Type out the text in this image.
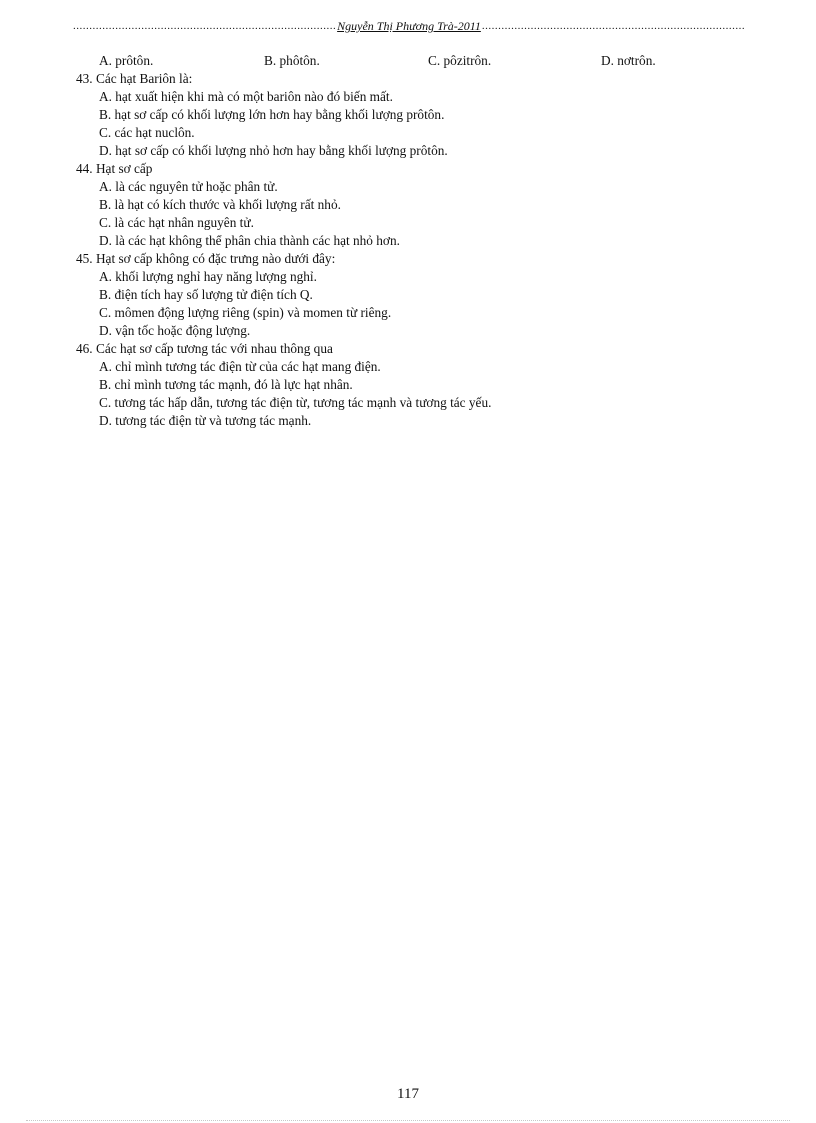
.....
Nguyễn Thị Phương Trà-2011
.....
A. prôtôn.	B. phôtôn.	C. pôzitrôn.	D. nơtrôn.
43. Các hạt Bariôn là:
A. hạt xuất hiện khi mà có một bariôn nào đó biến mất.
B. hạt sơ cấp có khối lượng lớn hơn hay bằng khối lượng prôtôn.
C. các hạt nuclôn.
D. hạt sơ cấp có khối lượng nhỏ hơn hay bằng khối lượng prôtôn.
44. Hạt sơ cấp
A. là các nguyên tử hoặc phân tử.
B. là hạt có kích thước và khối lượng rất nhỏ.
C. là các hạt nhân nguyên tử.
D. là các hạt không thể phân chia thành các hạt nhỏ hơn.
45. Hạt sơ cấp không có đặc trưng nào dưới đây:
A. khối lượng nghỉ hay năng lượng nghỉ.
B. điện tích hay số lượng tử điện tích Q.
C. mômen động lượng riêng (spin) và momen từ riêng.
D. vận tốc hoặc động lượng.
46. Các hạt sơ cấp tương tác với nhau thông qua
A. chỉ mình tương tác điện từ của các hạt mang điện.
B. chỉ mình tương tác mạnh, đó là lực hạt nhân.
C. tương tác hấp dẫn, tương tác điện từ, tương tác mạnh và tương tác yếu.
D. tương tác điện từ và tương tác mạnh.
117
